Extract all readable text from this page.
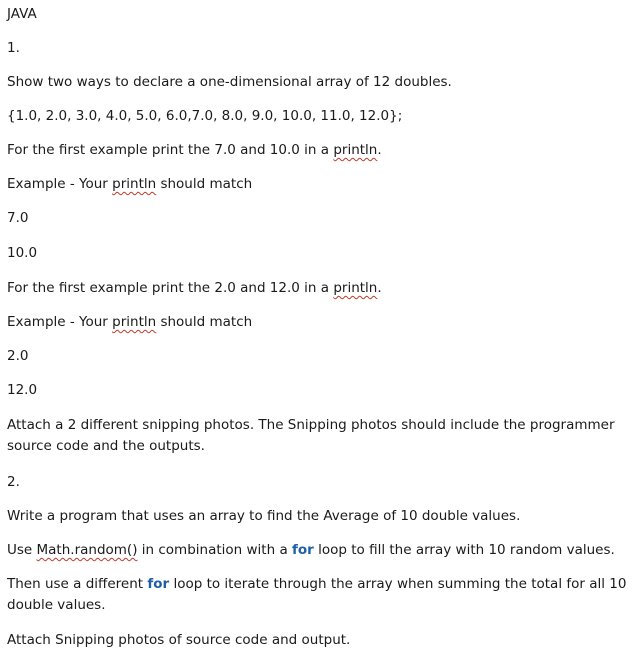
JAVA

1.

Show two ways to declare a one-dimensional array of 12 doubles.

{1.0, 2.0, 3.0, 4.0, 5.0, 6.0,7.0, 8.0, 9.0, 10.0, 11.0, 12.0};

For the first example print the 7.0 and 10.0 in a println.

Example - Your println should match

7.0

10.0

For the first example print the 2.0 and 12.0 in a println.

Example - Your println should match

2.0

12.0

Attach a 2 different snipping photos. The Snipping photos should include the programmer source code and the outputs.

2.

Write a program that uses an array to find the Average of 10 double values.

Use Math.random() in combination with a for loop to fill the array with 10 random values.

Then use a different for loop to iterate through the array when summing the total for all 10 double values.

Attach Snipping photos of source code and output.
